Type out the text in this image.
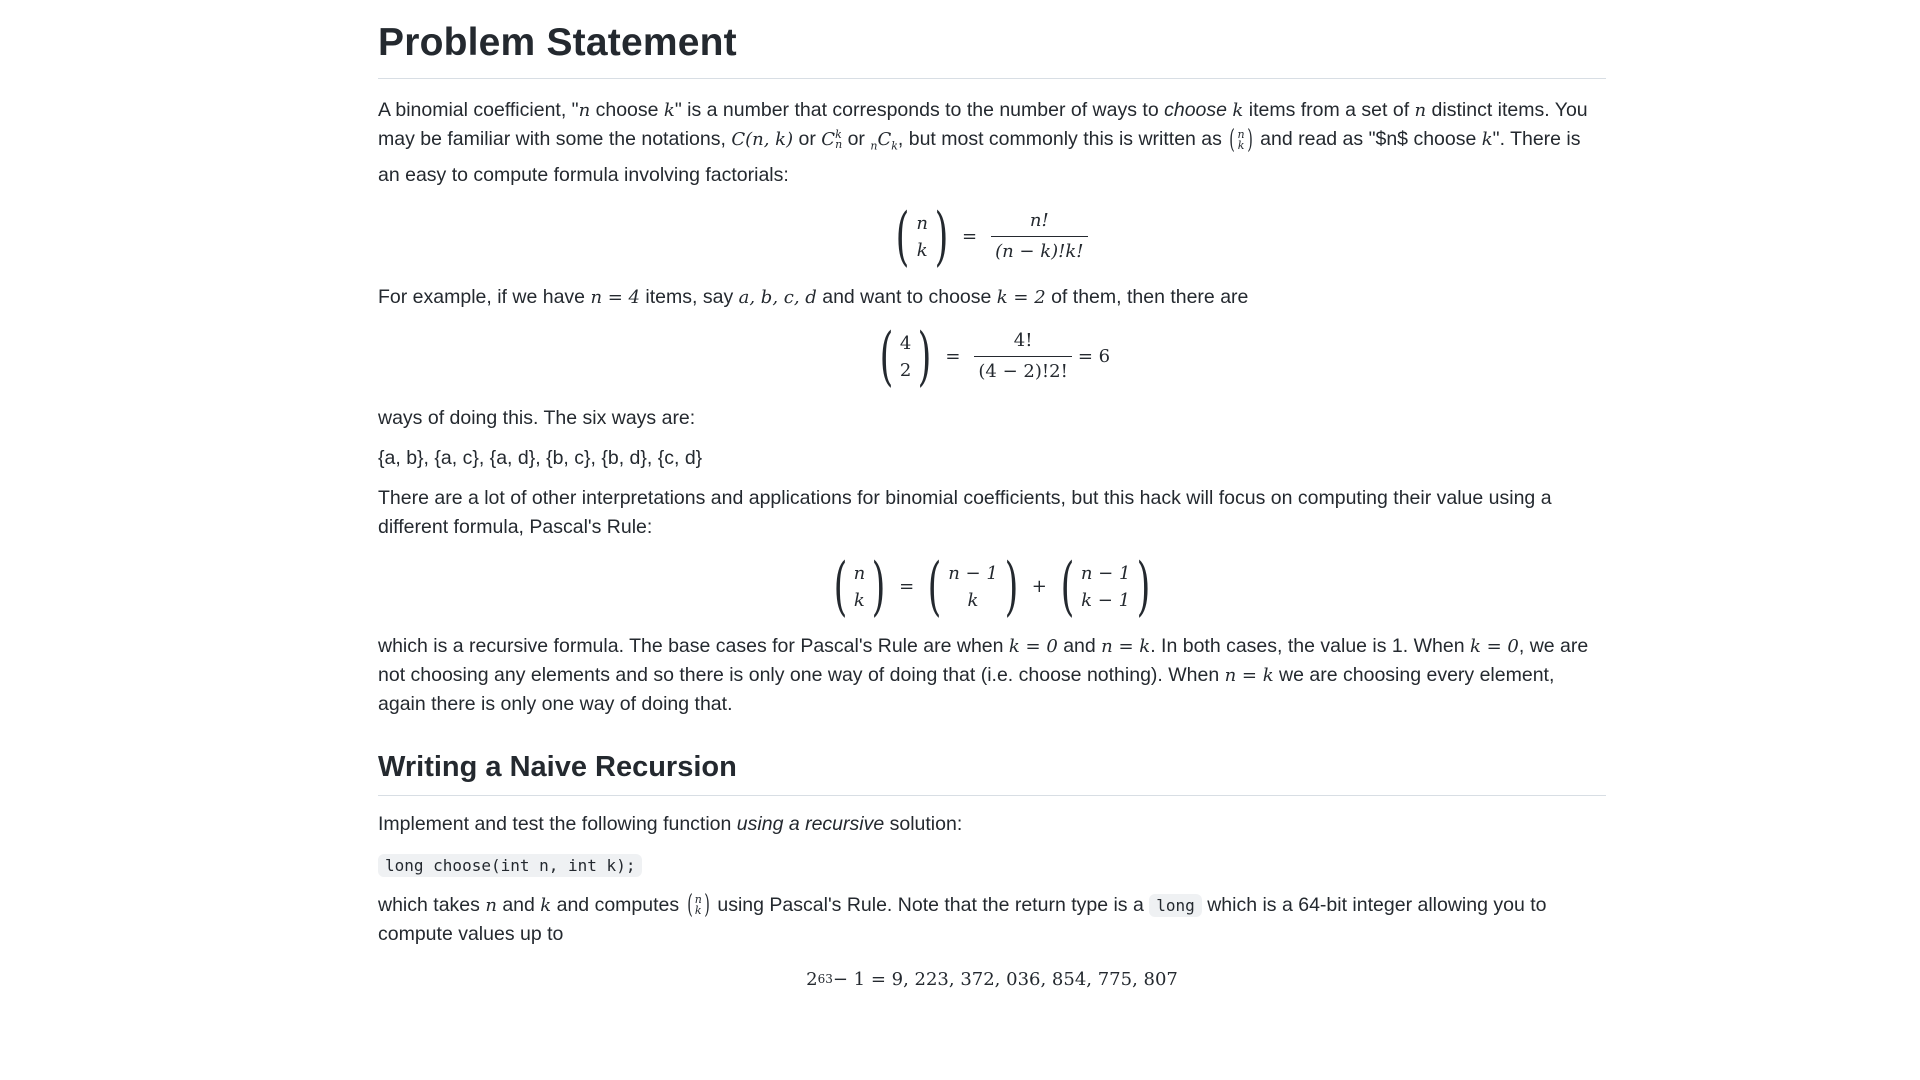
Problem Statement

A binomial coefficient, "n choose k" is a number that corresponds to the number of ways to choose k items from a set of n distinct items. You may be familiar with some the notations, C(n, k) or C k
n or $_nC_k$, but most commonly this is written as ( n
k ) and read as "$n$ choose k". There is an easy to compute formula involving factorials:

( n
k ) = $\frac{n!}{(n - k)!k!}$

For example, if we have n = 4 items, say a, b, c, d and want to choose k = 2 of them, then there are

( 4
2 ) = $\frac{4!}{(4 - 2)!2!} = 6$

ways of doing this. The six ways are:

{a, b}, {a, c}, {a, d}, {b, c}, {b, d}, {c, d}

There are a lot of other interpretations and applications for binomial coefficients, but this hack will focus on computing their value using a different formula, Pascal's Rule:

( n
k ) = ( n − 1
k ) + ( n − 1
k − 1 )

which is a recursive formula. The base cases for Pascal's Rule are when k = 0 and n = k. In both cases, the value is 1. When k = 0, we are not choosing any elements and so there is only one way of doing that (i.e. choose nothing). When n = k we are choosing every element, again there is only one way of doing that.

Writing a Naive Recursion

Implement and test the following function using a recursive solution:

long choose(int n, int k);

which takes n and k and computes ( n
k ) using Pascal's Rule. Note that the return type is a long which is a 64-bit integer allowing you to compute values up to

2 63 − 1 = 9, 223, 372, 036, 854, 775, 807
